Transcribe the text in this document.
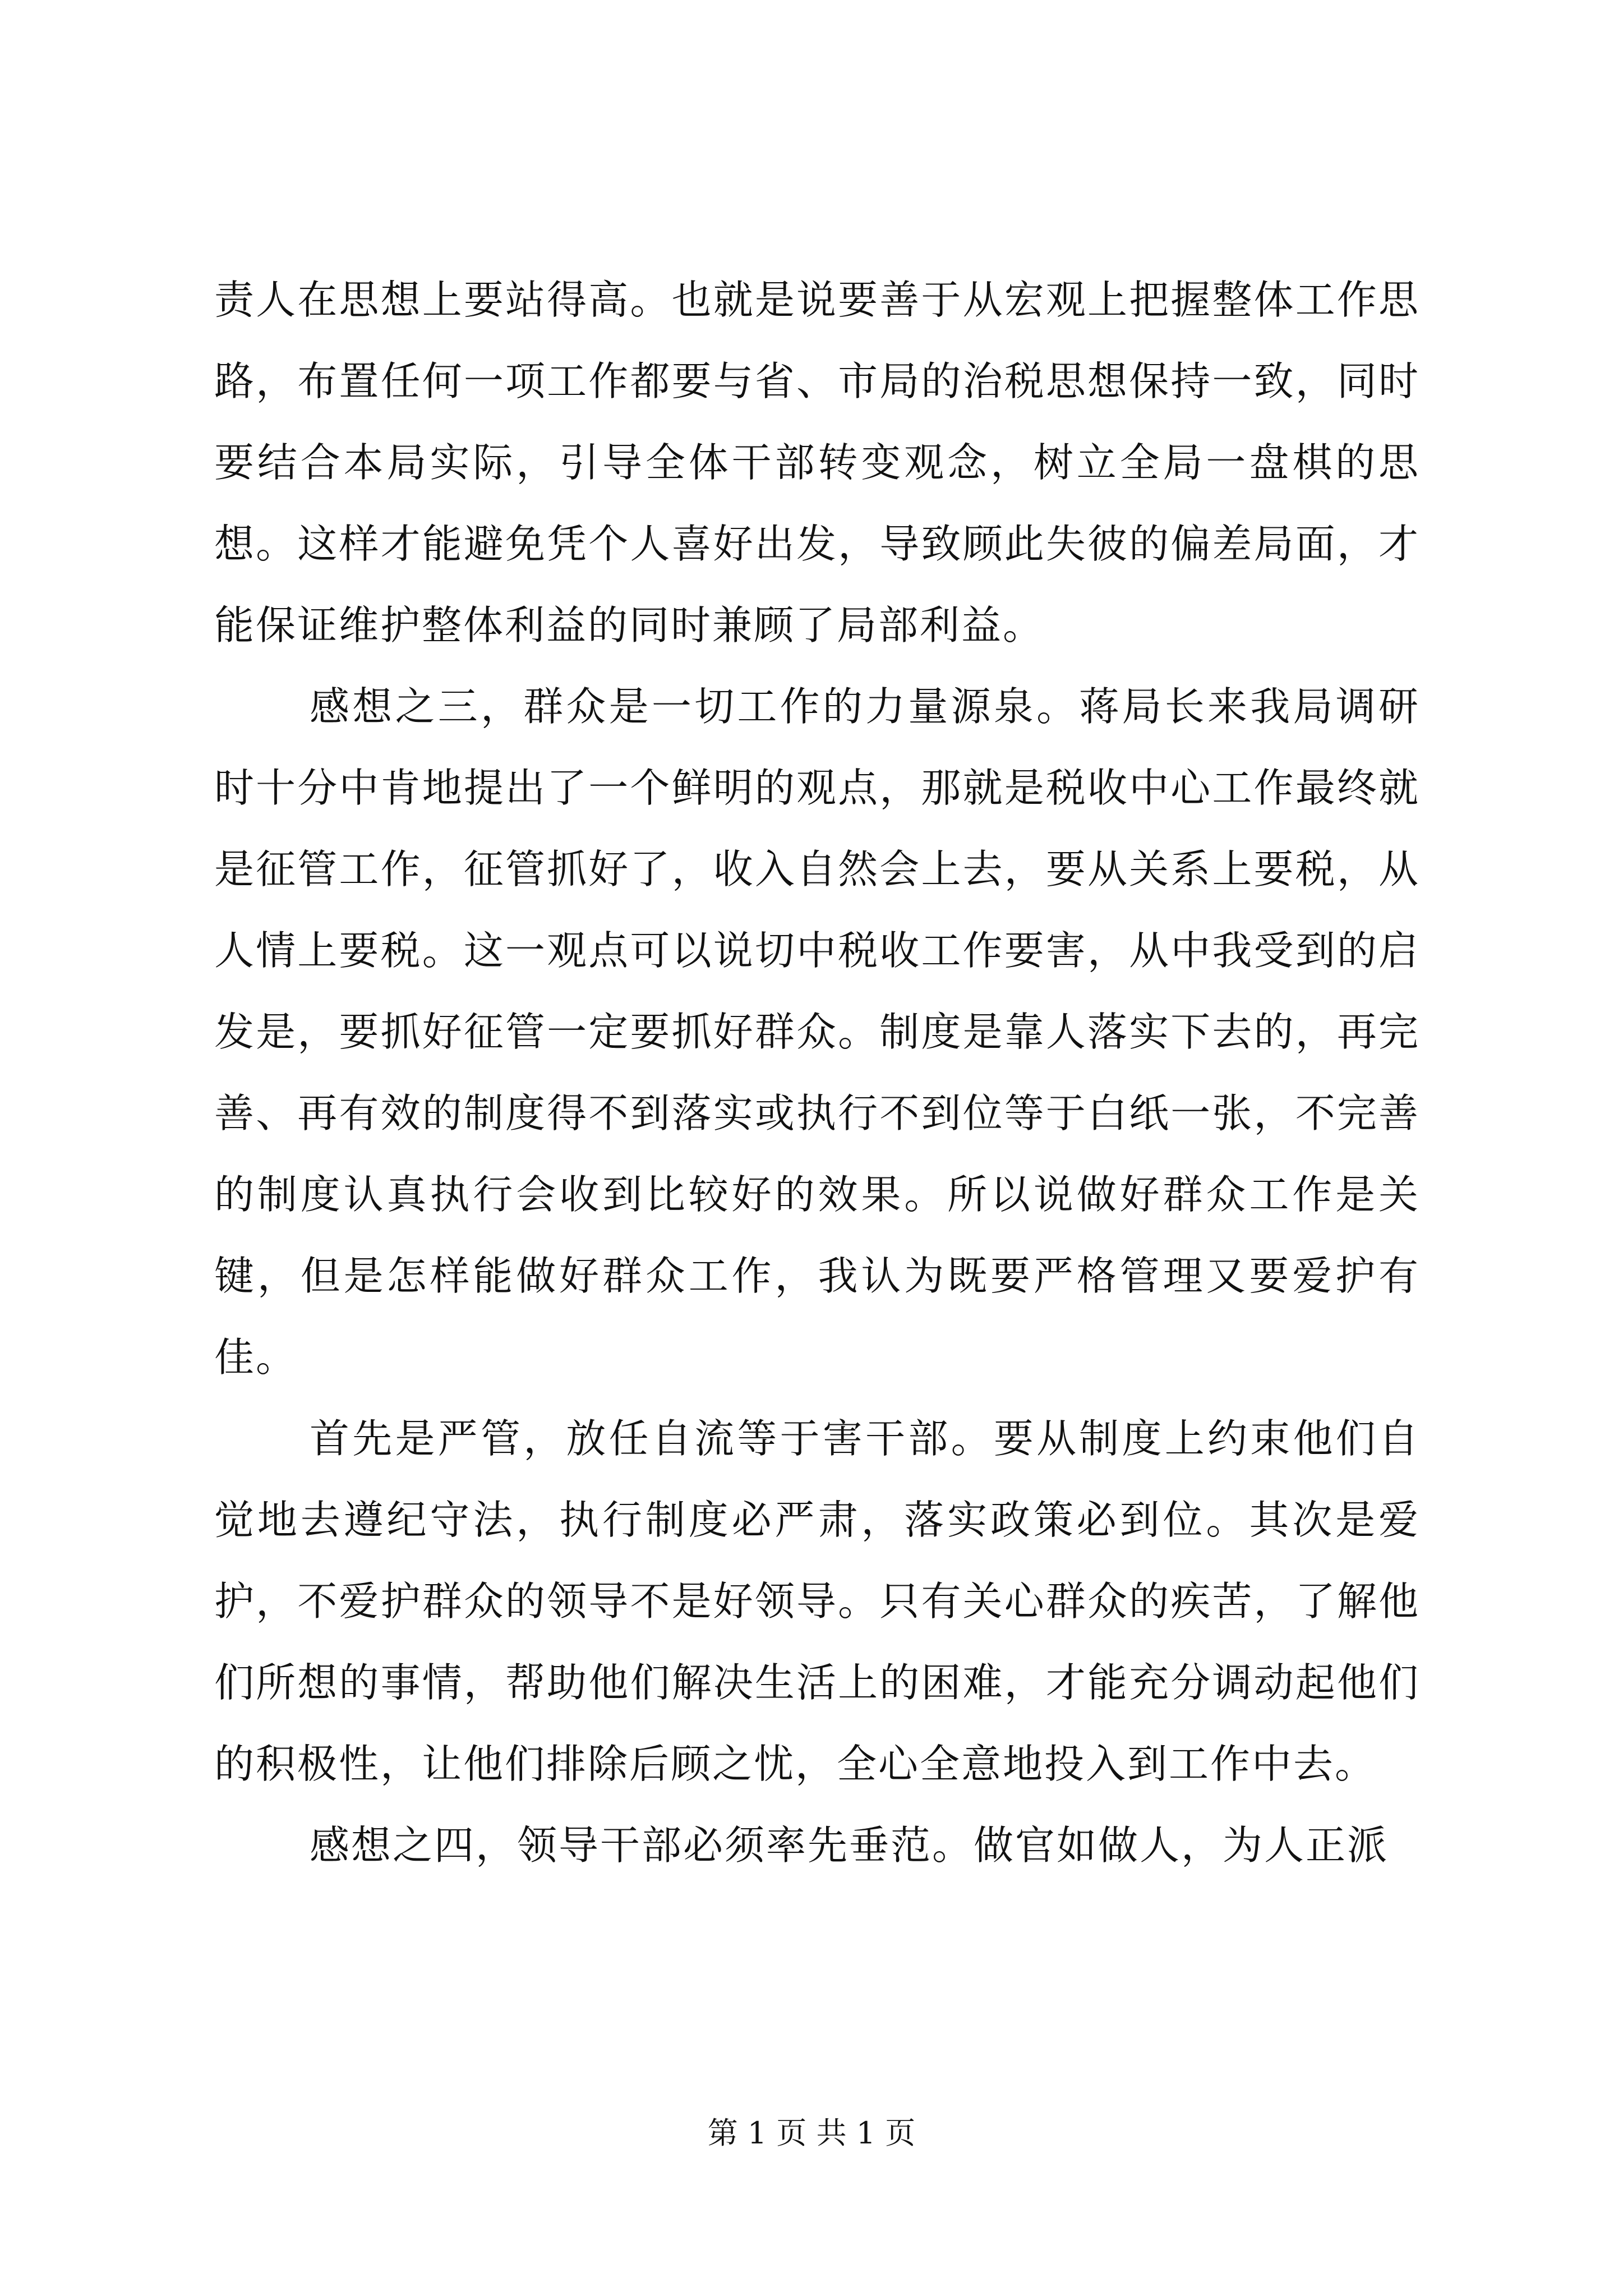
责人在思想上要站得高。也就是说要善于从宏观上把握整体工作思路，布置任何一项工作都要与省、市局的治税思想保持一致，同时要结合本局实际，引导全体干部转变观念，树立全局一盘棋的思想。这样才能避免凭个人喜好出发，导致顾此失彼的偏差局面，才能保证维护整体利益的同时兼顾了局部利益。

感想之三，群众是一切工作的力量源泉。蒋局长来我局调研时十分中肯地提出了一个鲜明的观点，那就是税收中心工作最终就是征管工作，征管抓好了，收入自然会上去，要从关系上要税，从人情上要税。这一观点可以说切中税收工作要害，从中我受到的启发是，要抓好征管一定要抓好群众。制度是靠人落实下去的，再完善、再有效的制度得不到落实或执行不到位等于白纸一张，不完善的制度认真执行会收到比较好的效果。所以说做好群众工作是关键，但是怎样能做好群众工作，我认为既要严格管理又要爱护有佳。

首先是严管，放任自流等于害干部。要从制度上约束他们自觉地去遵纪守法，执行制度必严肃，落实政策必到位。其次是爱护，不爱护群众的领导不是好领导。只有关心群众的疾苦，了解他们所想的事情，帮助他们解决生活上的困难，才能充分调动起他们的积极性，让他们排除后顾之忧，全心全意地投入到工作中去。

感想之四，领导干部必须率先垂范。做官如做人，为人正派

第 1 页 共 1 页
